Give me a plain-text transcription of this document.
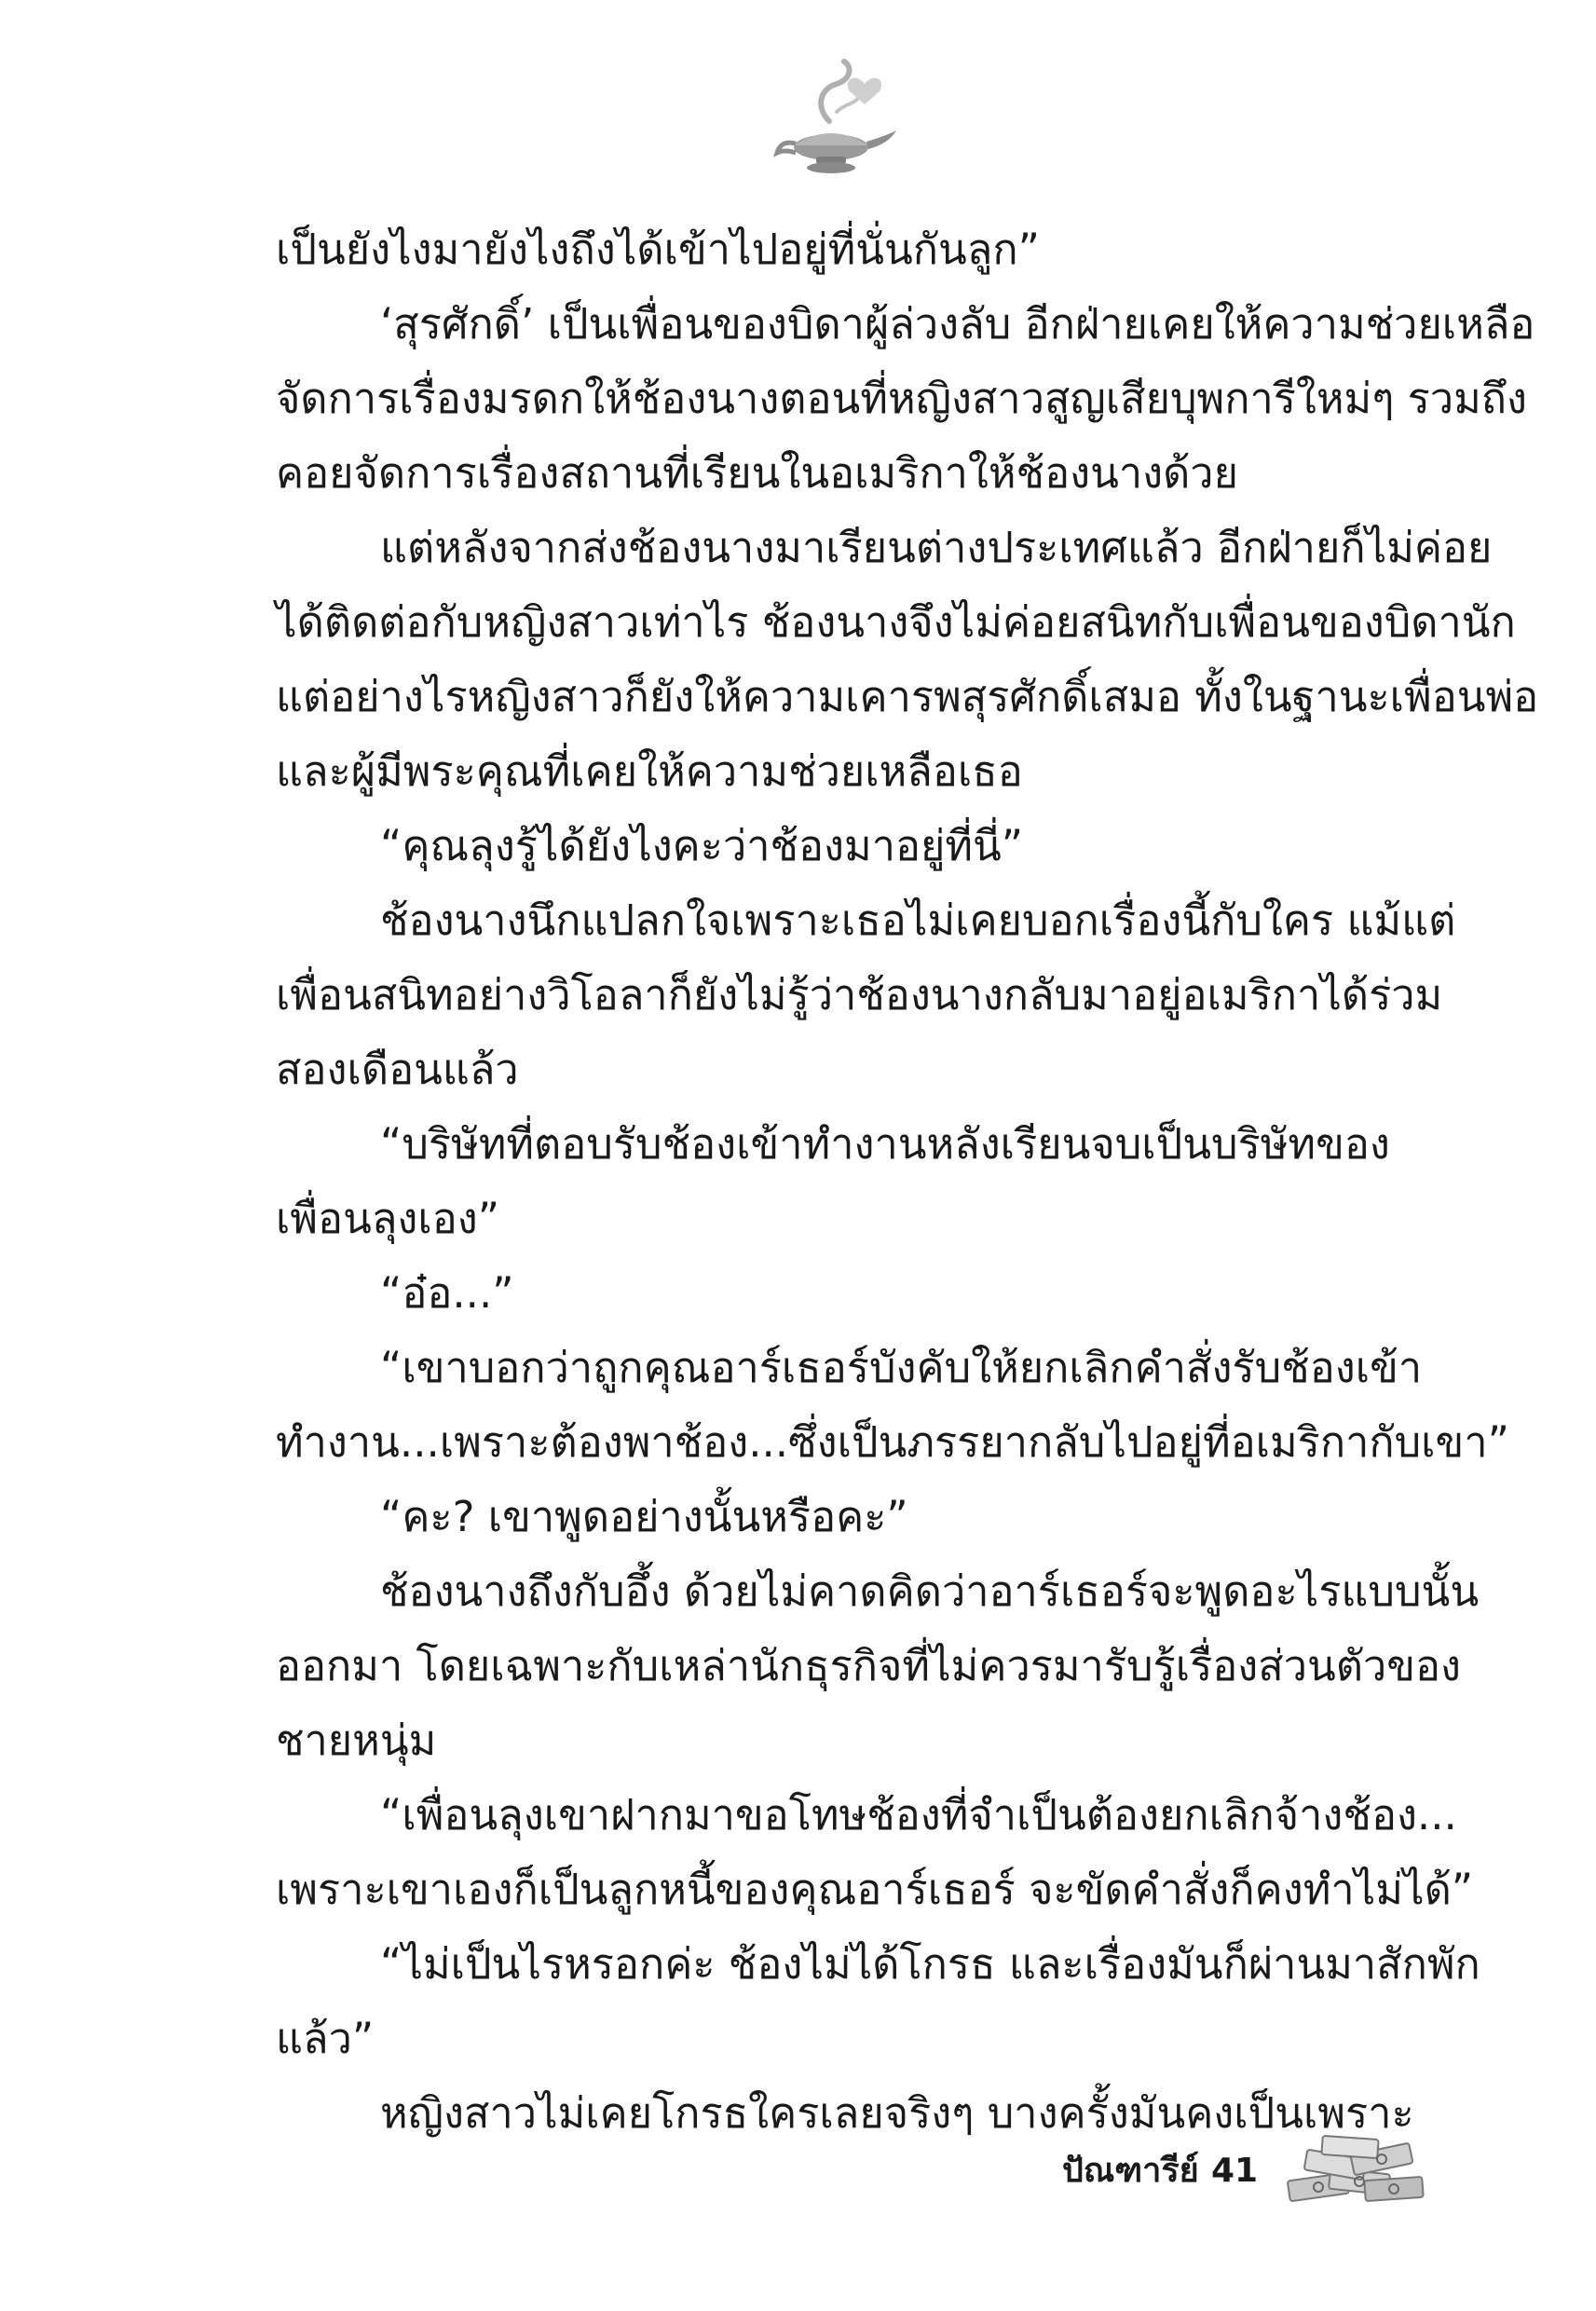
เป็นยังไงมายังไงถึงได้เข้าไปอยู่ที่นั่นกันลูก”
‘สุรศักดิ์’ เป็นเพื่อนของบิดาผู้ล่วงลับ อีกฝ่ายเคยให้ความช่วยเหลือ
จัดการเรื่องมรดกให้ช้องนางตอนที่หญิงสาวสูญเสียบุพการีใหม่ๆ รวมถึง
คอยจัดการเรื่องสถานที่เรียนในอเมริกาให้ช้องนางด้วย
แต่หลังจากส่งช้องนางมาเรียนต่างประเทศแล้ว อีกฝ่ายก็ไม่ค่อย
ได้ติดต่อกับหญิงสาวเท่าไร ช้องนางจึงไม่ค่อยสนิทกับเพื่อนของบิดานัก
แต่อย่างไรหญิงสาวก็ยังให้ความเคารพสุรศักดิ์เสมอ ทั้งในฐานะเพื่อนพ่อ
และผู้มีพระคุณที่เคยให้ความช่วยเหลือเธอ
“คุณลุงรู้ได้ยังไงคะว่าช้องมาอยู่ที่นี่”
ช้องนางนึกแปลกใจเพราะเธอไม่เคยบอกเรื่องนี้กับใคร แม้แต่
เพื่อนสนิทอย่างวิโอลาก็ยังไม่รู้ว่าช้องนางกลับมาอยู่อเมริกาได้ร่วม
สองเดือนแล้ว
“บริษัทที่ตอบรับช้องเข้าทำงานหลังเรียนจบเป็นบริษัทของ
เพื่อนลุงเอง”
“อ๋อ...”
“เขาบอกว่าถูกคุณอาร์เธอร์บังคับให้ยกเลิกคำสั่งรับช้องเข้า
ทำงาน...เพราะต้องพาช้อง...ซึ่งเป็นภรรยากลับไปอยู่ที่อเมริกากับเขา”
“คะ? เขาพูดอย่างนั้นหรือคะ”
ช้องนางถึงกับอึ้ง ด้วยไม่คาดคิดว่าอาร์เธอร์จะพูดอะไรแบบนั้น
ออกมา โดยเฉพาะกับเหล่านักธุรกิจที่ไม่ควรมารับรู้เรื่องส่วนตัวของ
ชายหนุ่ม
“เพื่อนลุงเขาฝากมาขอโทษช้องที่จำเป็นต้องยกเลิกจ้างช้อง...
เพราะเขาเองก็เป็นลูกหนี้ของคุณอาร์เธอร์ จะขัดคำสั่งก็คงทำไม่ได้”
“ไม่เป็นไรหรอกค่ะ ช้องไม่ได้โกรธ และเรื่องมันก็ผ่านมาสักพัก
แล้ว”
หญิงสาวไม่เคยโกรธใครเลยจริงๆ บางครั้งมันคงเป็นเพราะ
ปัณฑารีย์ 41
